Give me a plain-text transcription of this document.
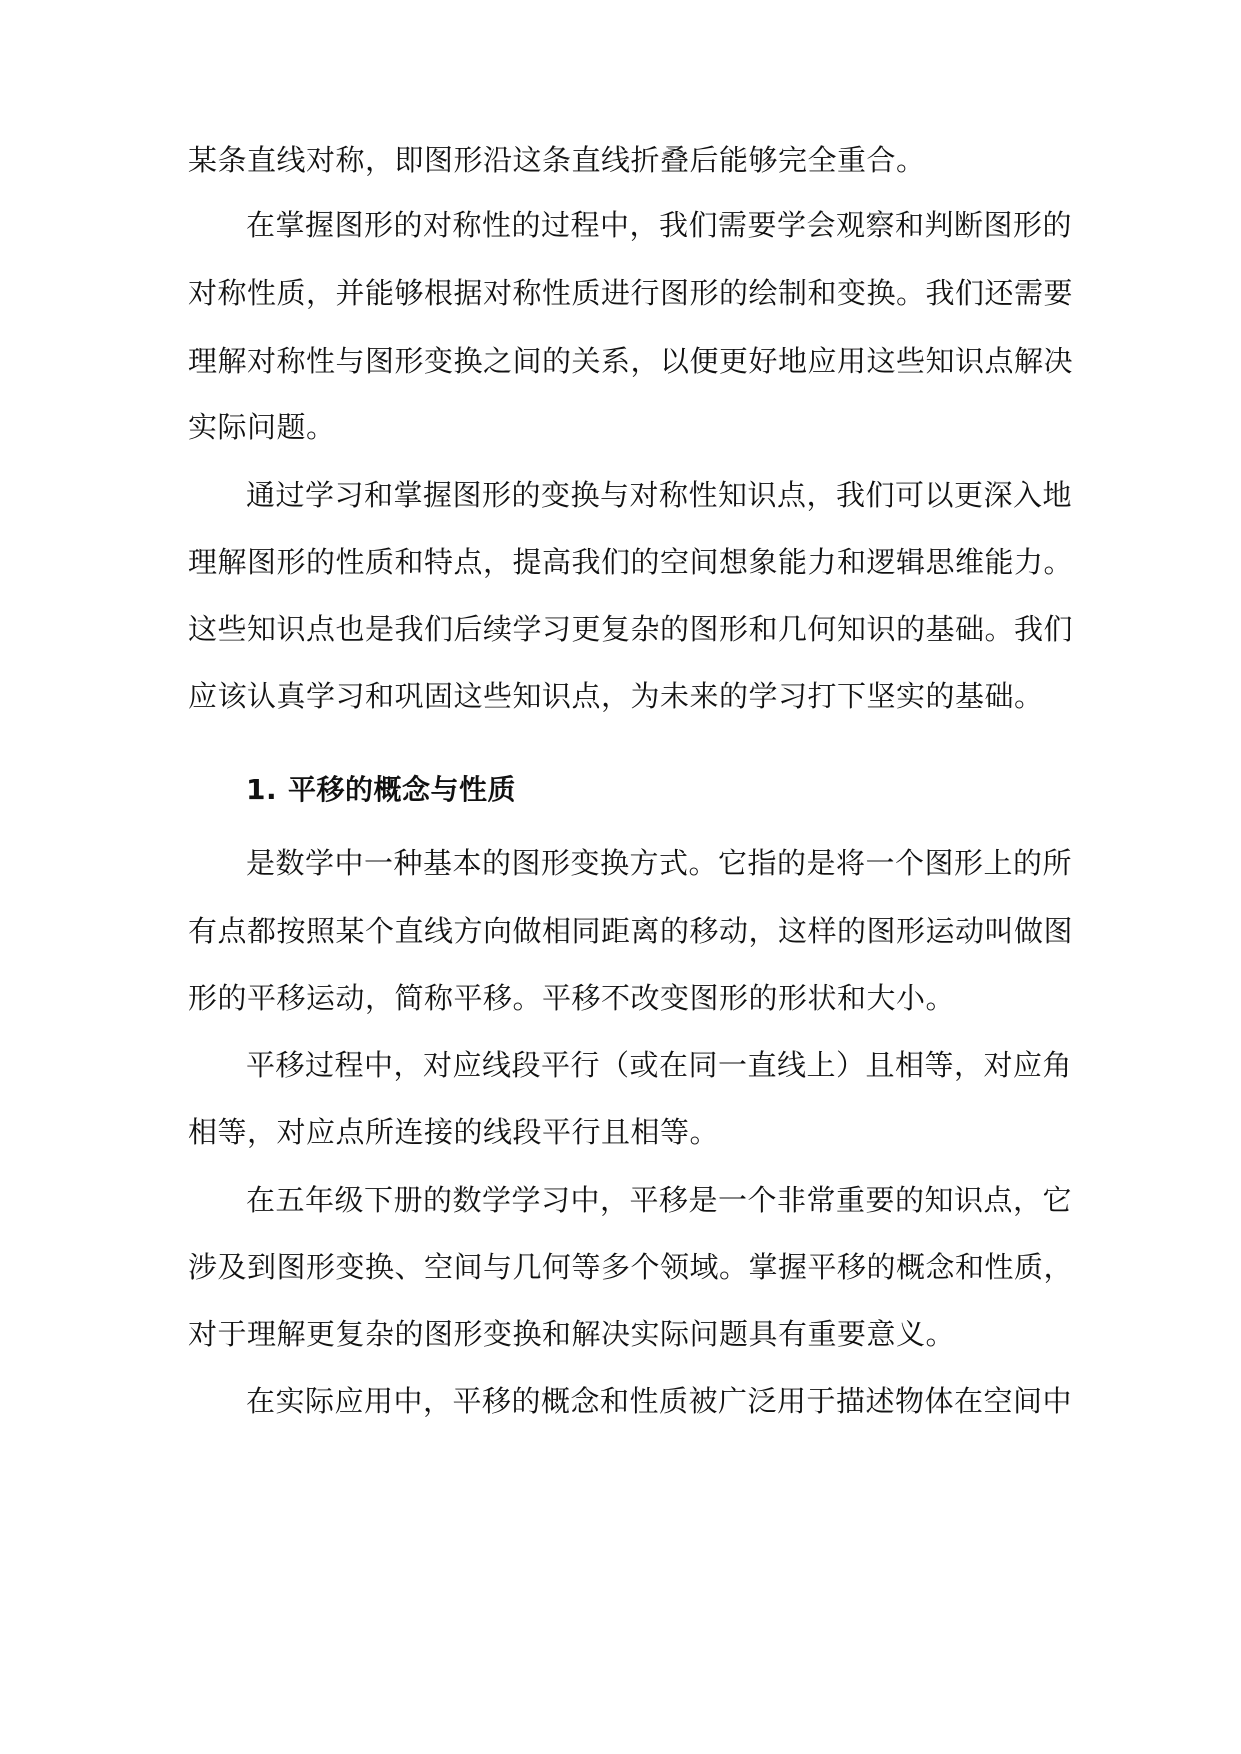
某条直线对称，即图形沿这条直线折叠后能够完全重合。
在掌握图形的对称性的过程中，我们需要学会观察和判断图形的
对称性质，并能够根据对称性质进行图形的绘制和变换。我们还需要
理解对称性与图形变换之间的关系，以便更好地应用这些知识点解决
实际问题。
通过学习和掌握图形的变换与对称性知识点，我们可以更深入地
理解图形的性质和特点，提高我们的空间想象能力和逻辑思维能力。
这些知识点也是我们后续学习更复杂的图形和几何知识的基础。我们
应该认真学习和巩固这些知识点，为未来的学习打下坚实的基础。
1. 平移的概念与性质
是数学中一种基本的图形变换方式。它指的是将一个图形上的所
有点都按照某个直线方向做相同距离的移动，这样的图形运动叫做图
形的平移运动，简称平移。平移不改变图形的形状和大小。
平移过程中，对应线段平行（或在同一直线上）且相等，对应角
相等，对应点所连接的线段平行且相等。
在五年级下册的数学学习中，平移是一个非常重要的知识点，它
涉及到图形变换、空间与几何等多个领域。掌握平移的概念和性质，
对于理解更复杂的图形变换和解决实际问题具有重要意义。
在实际应用中，平移的概念和性质被广泛用于描述物体在空间中
